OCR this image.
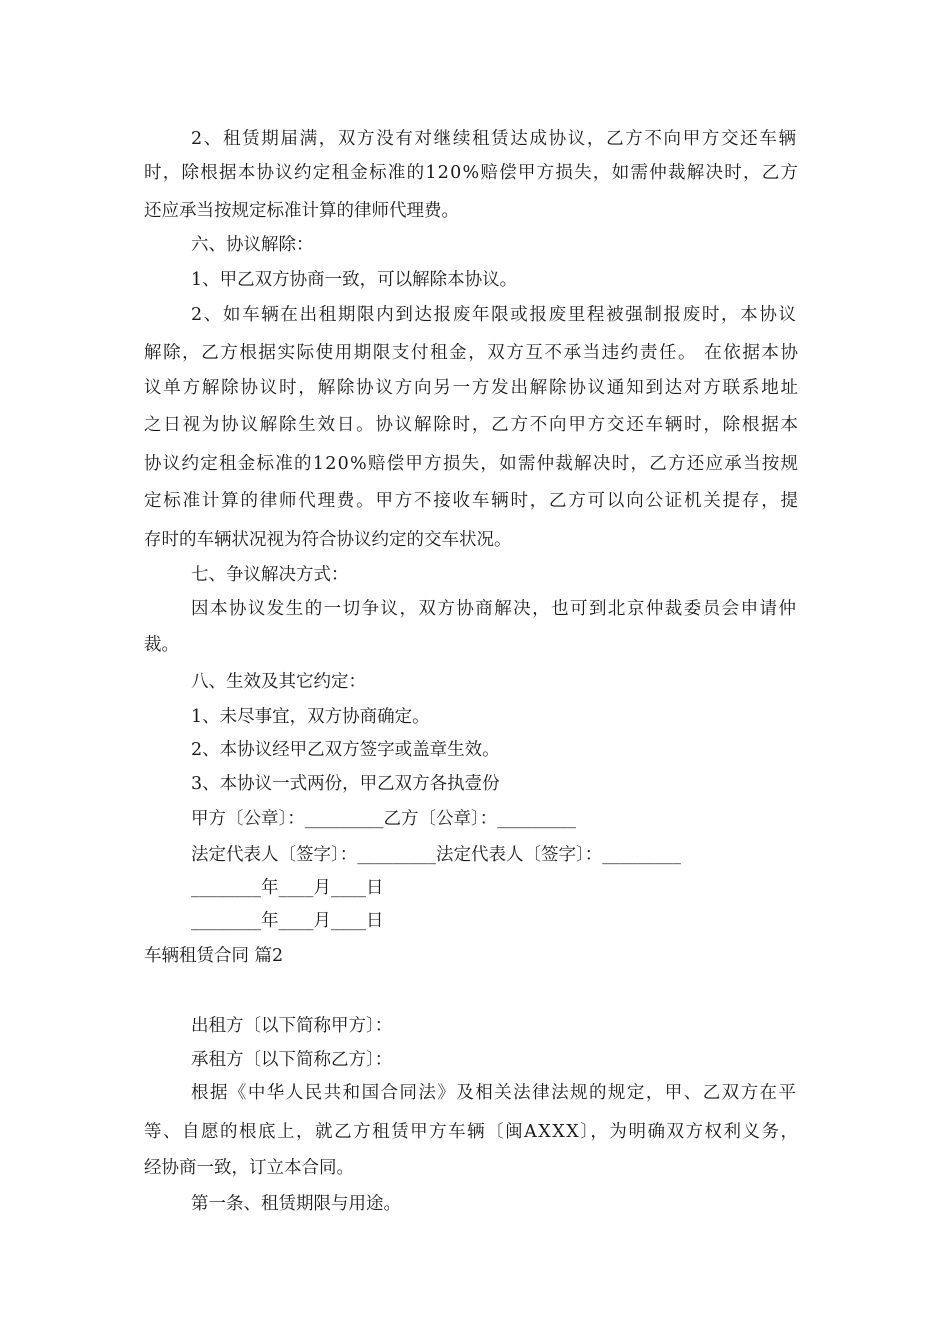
2、租赁期届满，双方没有对继续租赁达成协议，乙方不向甲方交还车辆
时，除根据本协议约定租金标准的120%赔偿甲方损失，如需仲裁解决时，乙方
还应承当按规定标准计算的律师代理费。
六、协议解除：
1、甲乙双方协商一致，可以解除本协议。
2、如车辆在出租期限内到达报废年限或报废里程被强制报废时，本协议
解除，乙方根据实际使用期限支付租金，双方互不承当违约责任。 在依据本协
议单方解除协议时，解除协议方向另一方发出解除协议通知到达对方联系地址
之日视为协议解除生效日。协议解除时，乙方不向甲方交还车辆时，除根据本
协议约定租金标准的120%赔偿甲方损失，如需仲裁解决时，乙方还应承当按规
定标准计算的律师代理费。甲方不接收车辆时，乙方可以向公证机关提存，提
存时的车辆状况视为符合协议约定的交车状况。
七、争议解决方式：
因本协议发生的一切争议，双方协商解决，也可到北京仲裁委员会申请仲
裁。
八、生效及其它约定：
1、未尽事宜，双方协商确定。
2、本协议经甲乙双方签字或盖章生效。
3、本协议一式两份，甲乙双方各执壹份
甲方〔公章〕：_________乙方〔公章〕：_________
法定代表人〔签字〕：_________法定代表人〔签字〕：_________
________年____月____日
________年____月____日
车辆租赁合同 篇2
出租方〔以下简称甲方〕：
承租方〔以下简称乙方〕：
根据《中华人民共和国合同法》及相关法律法规的规定，甲、乙双方在平
等、自愿的根底上，就乙方租赁甲方车辆〔闽AXXX〕，为明确双方权利义务，
经协商一致，订立本合同。
第一条、租赁期限与用途。
